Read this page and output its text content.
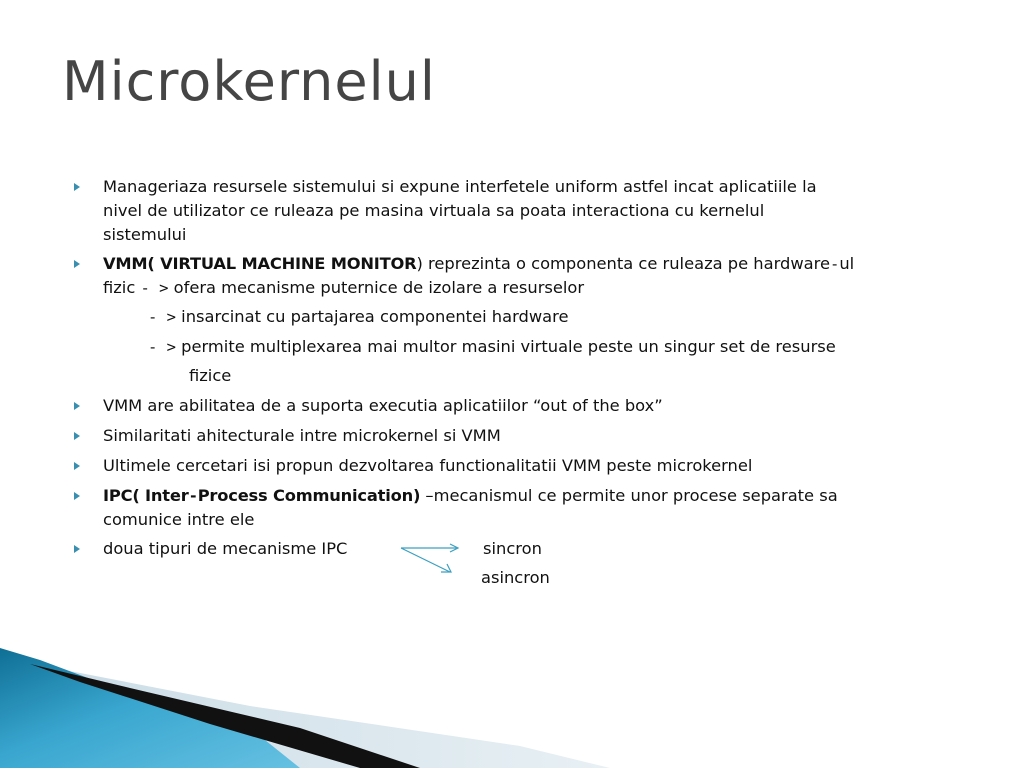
Microkernelul
Manageriaza resursele sistemului si expune interfetele uniform astfel incat aplicatiile la
nivel de utilizator ce ruleaza pe masina virtuala sa poata interactiona cu kernelul
sistemului
VMM( VIRTUAL MACHINE MONITOR) reprezinta o componenta ce ruleaza pe hardware-ul
fizic - > ofera mecanisme puternice de izolare a resurselor
- > insarcinat cu partajarea componentei hardware
- > permite multiplexarea mai multor masini virtuale peste un singur set de resurse
fizice
VMM are abilitatea de a suporta executia aplicatiilor “out of the box”
Similaritati ahitecturale intre microkernel si VMM
Ultimele cercetari isi propun dezvoltarea functionalitatii VMM peste microkernel
IPC( Inter-Process Communication) –mecanismul ce permite unor procese separate sa
comunice intre ele
doua tipuri de mecanisme IPC	sincron
asincron
